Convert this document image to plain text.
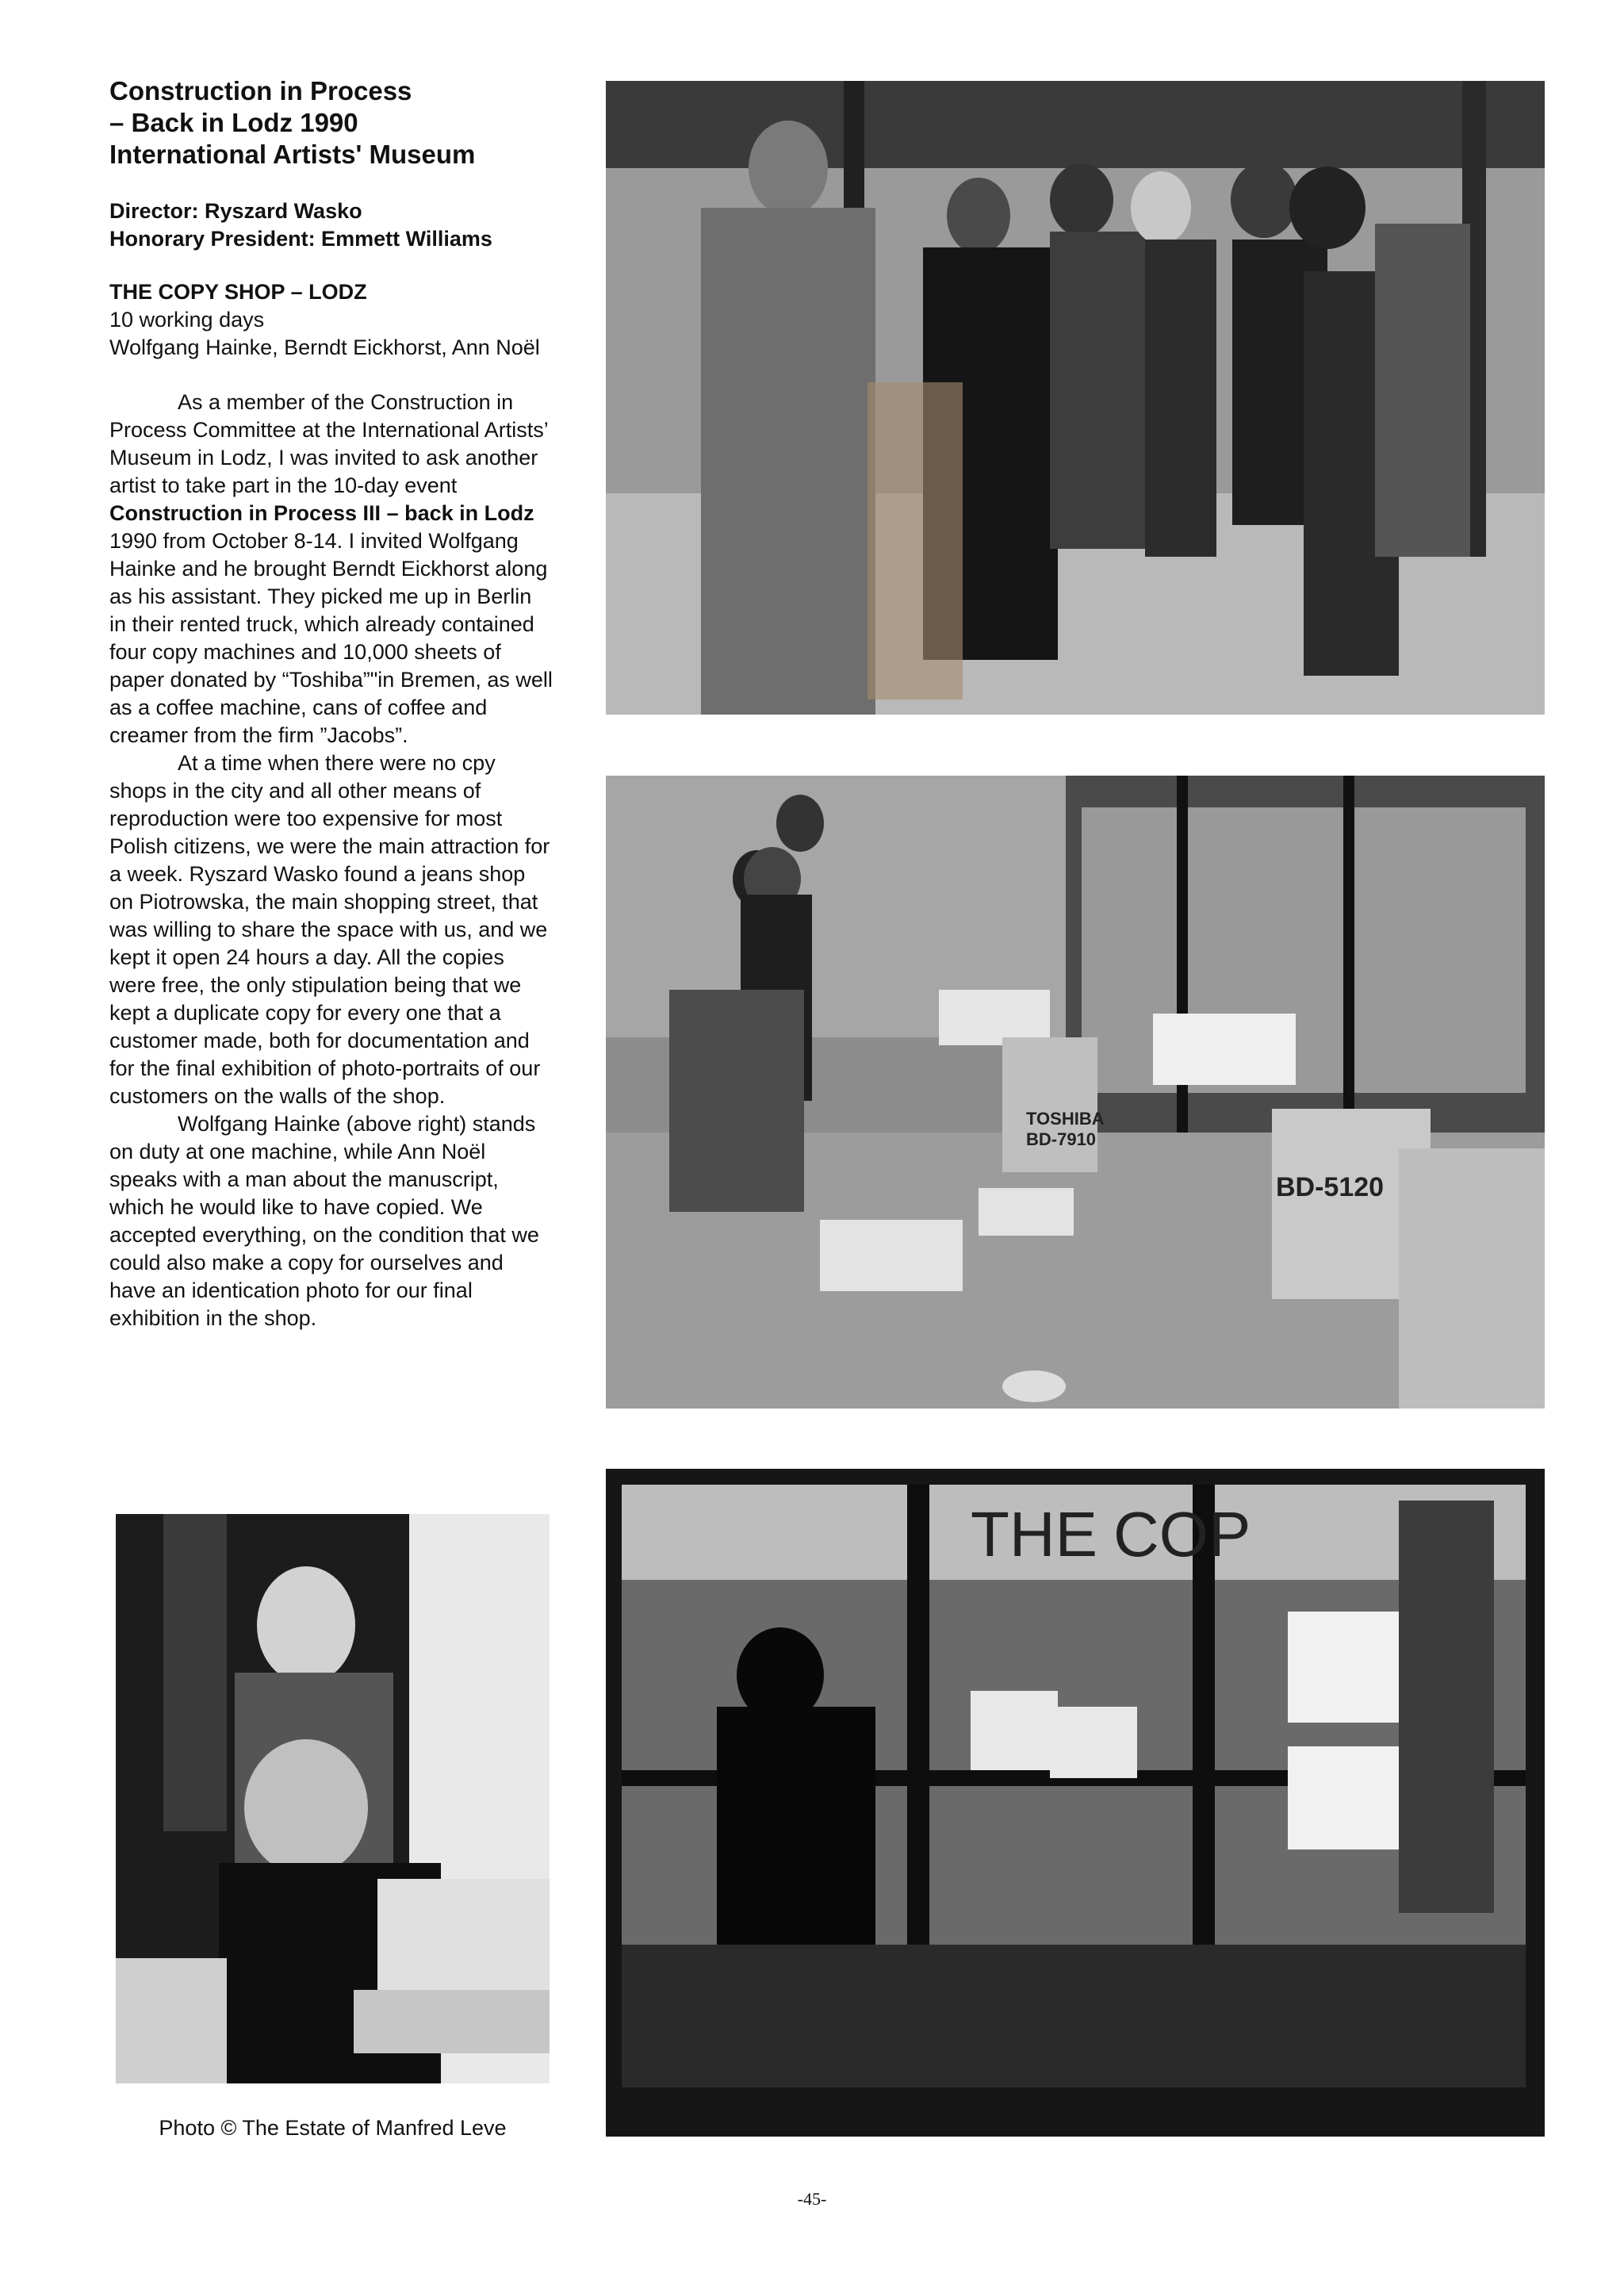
Construction in Process
– Back in Lodz 1990
International Artists' Museum
Director: Ryszard Wasko
Honorary President: Emmett Williams
THE COPY SHOP – LODZ
10 working days
Wolfgang Hainke, Berndt Eickhorst, Ann Noël

As a member of the Construction in Process Committee at the International Artists’ Museum in Lodz, I was invited to ask another artist to take part in the 10-day event Construction in Process III – back in Lodz 1990 from October 8-14. I invited Wolfgang Hainke and he brought Berndt Eickhorst along as his assistant. They picked me up in Berlin in their rented truck, which already contained four copy machines and 10,000 sheets of paper donated by “Toshiba”"in Bremen, as well as a coffee machine, cans of coffee and creamer from the firm ”Jacobs”.

At a time when there were no cpy shops in the city and all other means of reproduction were too expensive for most Polish citizens, we were the main attraction for a week. Ryszard Wasko found a jeans shop on Piotrowska, the main shopping street, that was willing to share the space with us, and we kept it open 24 hours a day. All the copies were free, the only stipulation being that we kept a duplicate copy for every one that a customer made, both for documentation and for the final exhibition of photo-portraits of our customers on the walls of the shop.

Wolfgang Hainke (above right) stands on duty at one machine, while Ann Noël speaks with a man about the manuscript, which he would like to have copied. We accepted everything, on the condition that we could also make a copy for ourselves and have an identication photo for our final exhibition in the shop.

TOSHIBA
BD-7910
BD-5120
THE COP
Photo © The Estate of Manfred Leve
-45-
